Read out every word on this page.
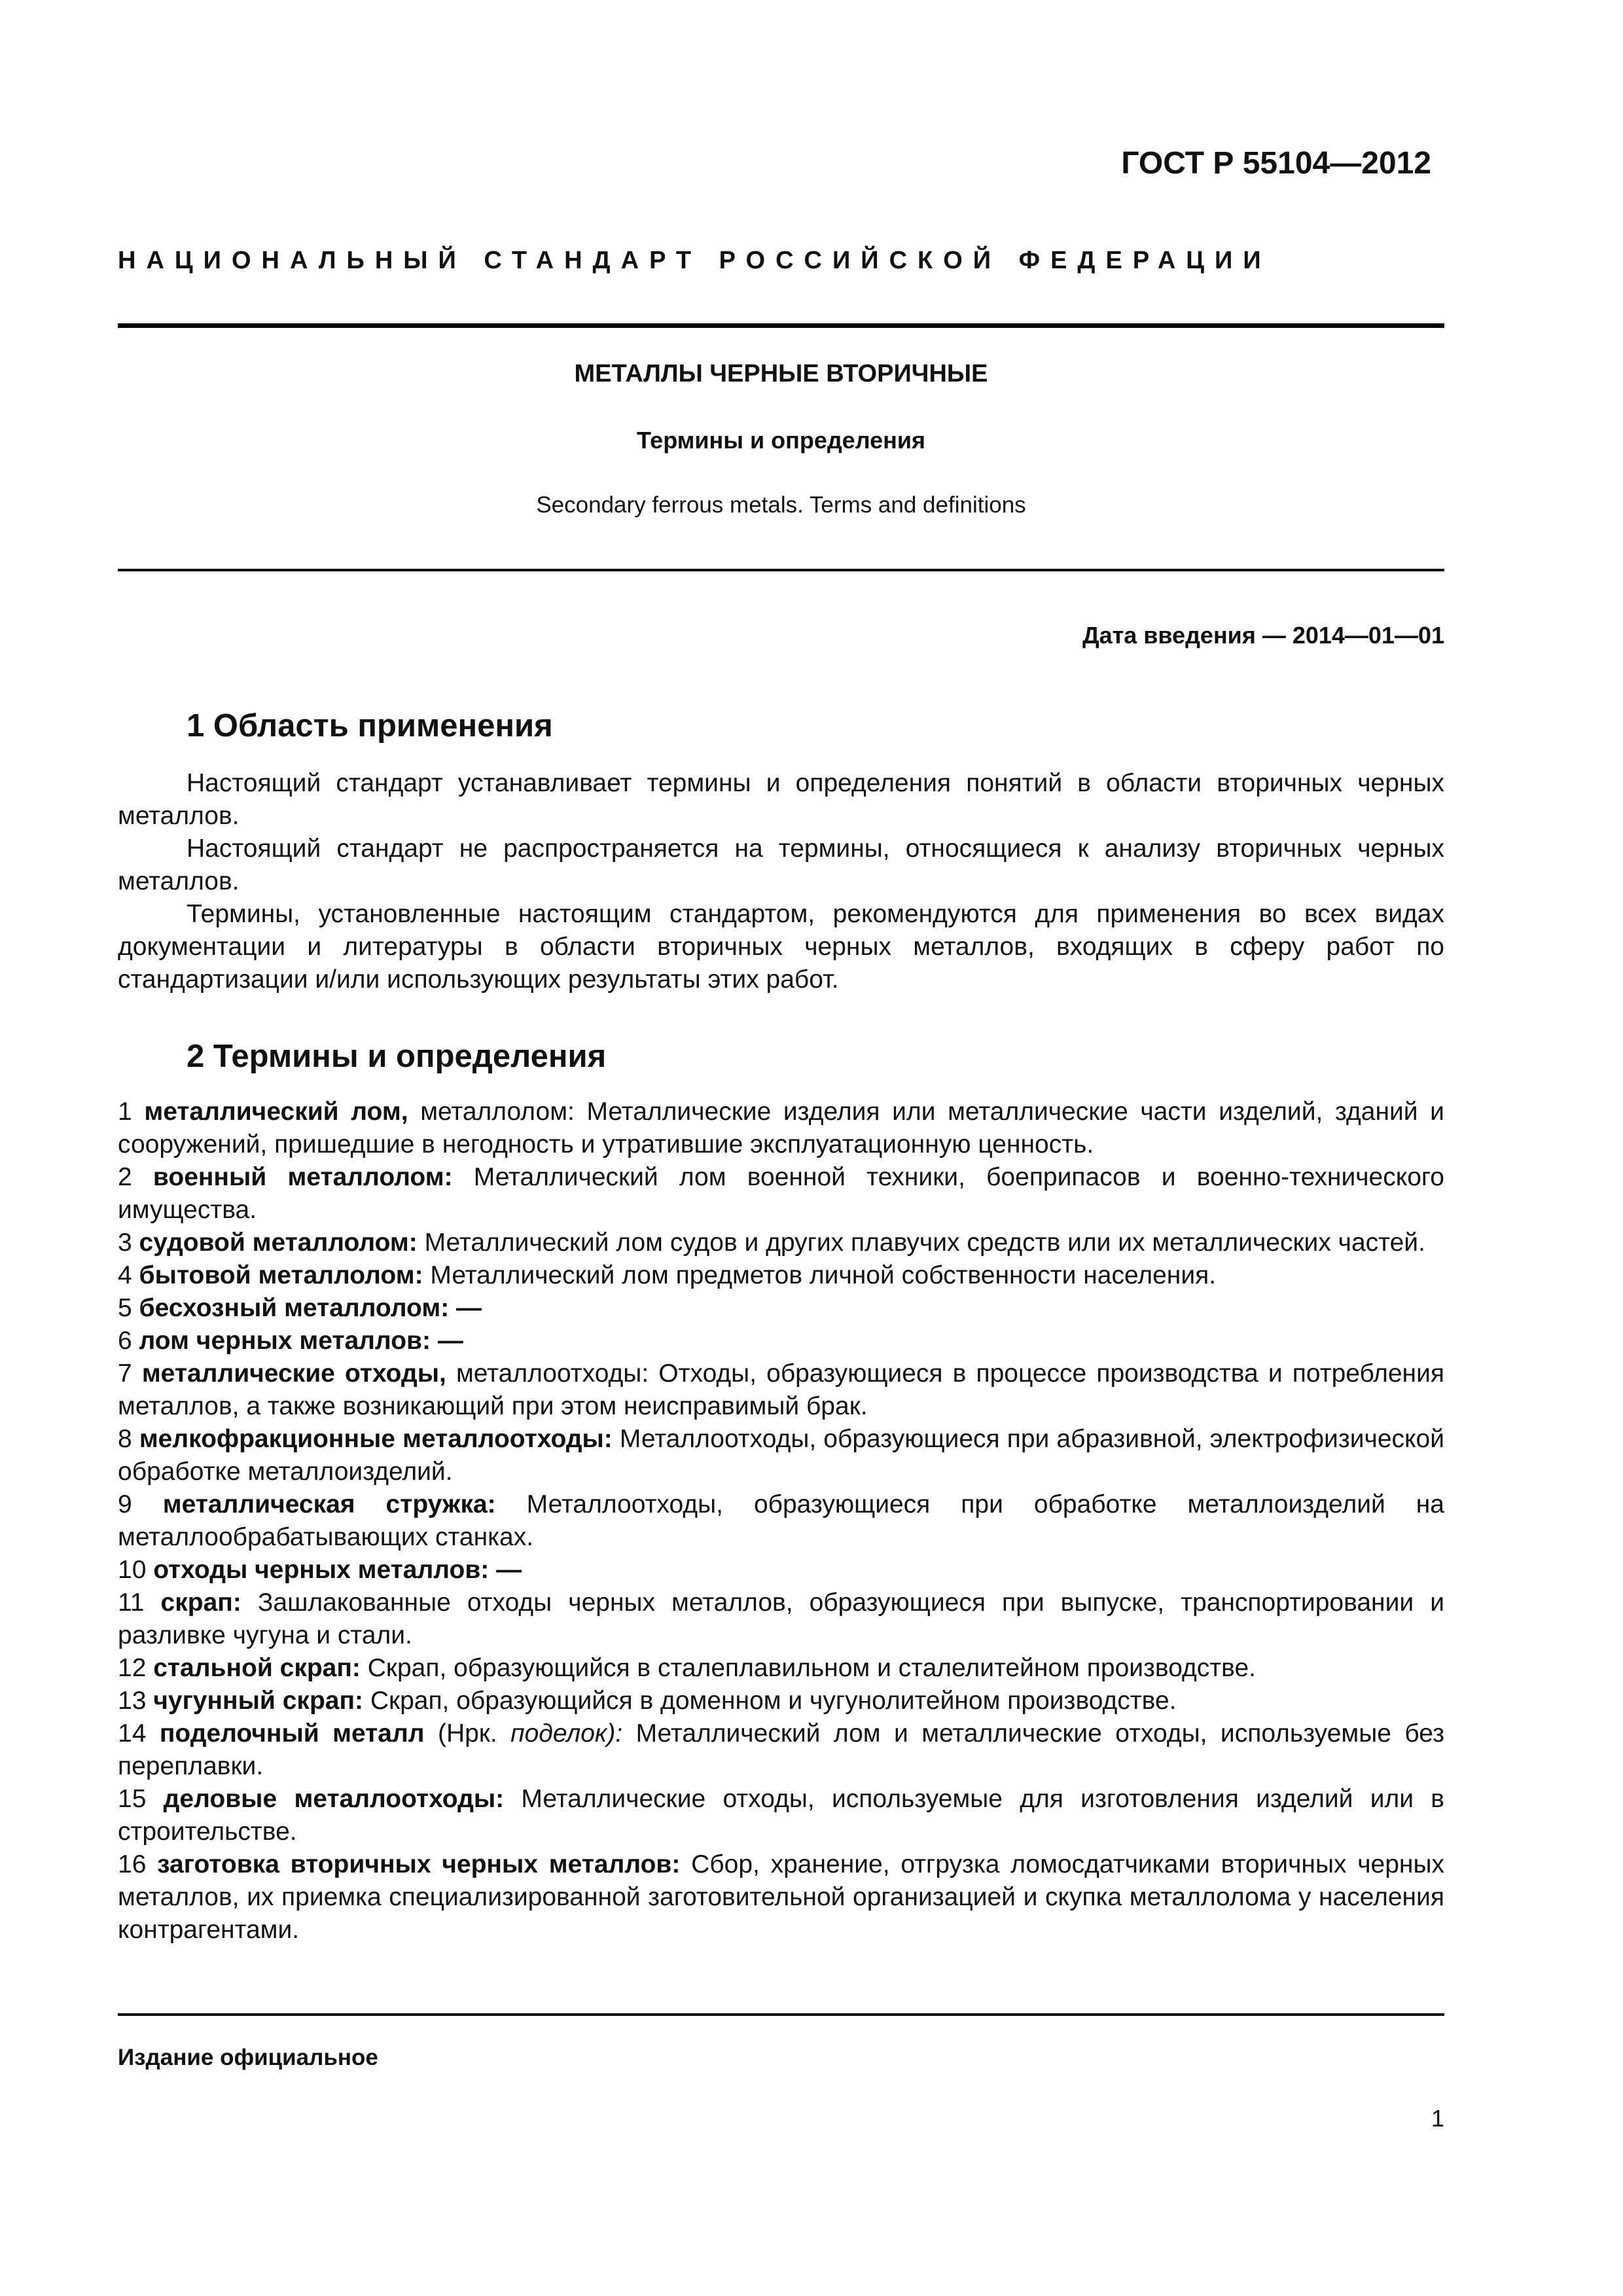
ГОСТ Р 55104—2012
НАЦИОНАЛЬНЫЙ СТАНДАРТ РОССИЙСКОЙ ФЕДЕРАЦИИ
МЕТАЛЛЫ ЧЕРНЫЕ ВТОРИЧНЫЕ
Термины и определения
Secondary ferrous metals. Terms and definitions
Дата введения — 2014—01—01
1 Область применения

Настоящий стандарт устанавливает термины и определения понятий в области вторичных черных металлов.

Настоящий стандарт не распространяется на термины, относящиеся к анализу вторичных черных металлов.

Термины, установленные настоящим стандартом, рекомендуются для применения во всех видах документации и литературы в области вторичных черных металлов, входящих в сферу работ по стандартизации и/или использующих результаты этих работ.

2 Термины и определения

1 металлический лом, металлолом: Металлические изделия или металлические части изделий, зданий и сооружений, пришедшие в негодность и утратившие эксплуатационную ценность.

2 военный металлолом: Металлический лом военной техники, боеприпасов и военно-технического имущества.

3 судовой металлолом: Металлический лом судов и других плавучих средств или их металлических частей.

4 бытовой металлолом: Металлический лом предметов личной собственности населения.

5 бесхозный металлолом: —

6 лом черных металлов: —

7 металлические отходы, металлоотходы: Отходы, образующиеся в процессе производства и потребления металлов, а также возникающий при этом неисправимый брак.

8 мелкофракционные металлоотходы: Металлоотходы, образующиеся при абразивной, электрофизической обработке металлоизделий.

9 металлическая стружка: Металлоотходы, образующиеся при обработке металлоизделий на металлообрабатывающих станках.

10 отходы черных металлов: —

11 скрап: Зашлакованные отходы черных металлов, образующиеся при выпуске, транспортировании и разливке чугуна и стали.

12 стальной скрап: Скрап, образующийся в сталеплавильном и сталелитейном производстве.

13 чугунный скрап: Скрап, образующийся в доменном и чугунолитейном производстве.

14 поделочный металл (Нрк. поделок): Металлический лом и металлические отходы, используемые без переплавки.

15 деловые металлоотходы: Металлические отходы, используемые для изготовления изделий или в строительстве.

16 заготовка вторичных черных металлов: Сбор, хранение, отгрузка ломосдатчиками вторичных черных металлов, их приемка специализированной заготовительной организацией и скупка металлолома у населения контрагентами.

Издание официальное
1
